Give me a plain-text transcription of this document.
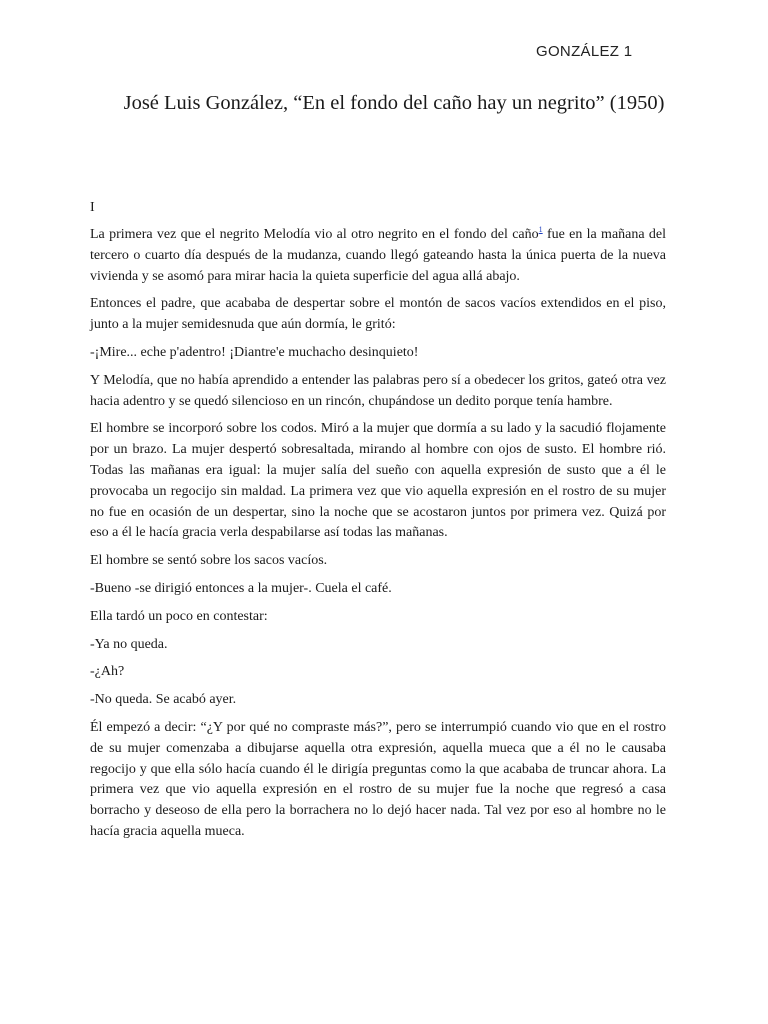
GONZÁLEZ 1
José Luis González, “En el fondo del caño hay un negrito” (1950)
I

La primera vez que el negrito Melodía vio al otro negrito en el fondo del caño$^1$ fue en la mañana del tercero o cuarto día después de la mudanza, cuando llegó gateando hasta la única puerta de la nueva vivienda y se asomó para mirar hacia la quieta superficie del agua allá abajo.

Entonces el padre, que acababa de despertar sobre el montón de sacos vacíos extendidos en el piso, junto a la mujer semidesnuda que aún dormía, le gritó:

-¡Mire... eche p'adentro! ¡Diantre'e muchacho desinquieto!

Y Melodía, que no había aprendido a entender las palabras pero sí a obedecer los gritos, gateó otra vez hacia adentro y se quedó silencioso en un rincón, chupándose un dedito porque tenía hambre.

El hombre se incorporó sobre los codos. Miró a la mujer que dormía a su lado y la sacudió flojamente por un brazo. La mujer despertó sobresaltada, mirando al hombre con ojos de susto. El hombre rió. Todas las mañanas era igual: la mujer salía del sueño con aquella expresión de susto que a él le provocaba un regocijo sin maldad. La primera vez que vio aquella expresión en el rostro de su mujer no fue en ocasión de un despertar, sino la noche que se acostaron juntos por primera vez. Quizá por eso a él le hacía gracia verla despabilarse así todas las mañanas.

El hombre se sentó sobre los sacos vacíos.

-Bueno -se dirigió entonces a la mujer-. Cuela el café.

Ella tardó un poco en contestar:

-Ya no queda.

-¿Ah?

-No queda. Se acabó ayer.

Él empezó a decir: “¿Y por qué no compraste más?”, pero se interrumpió cuando vio que en el rostro de su mujer comenzaba a dibujarse aquella otra expresión, aquella mueca que a él no le causaba regocijo y que ella sólo hacía cuando él le dirigía preguntas como la que acababa de truncar ahora. La primera vez que vio aquella expresión en el rostro de su mujer fue la noche que regresó a casa borracho y deseoso de ella pero la borrachera no lo dejó hacer nada. Tal vez por eso al hombre no le hacía gracia aquella mueca.
